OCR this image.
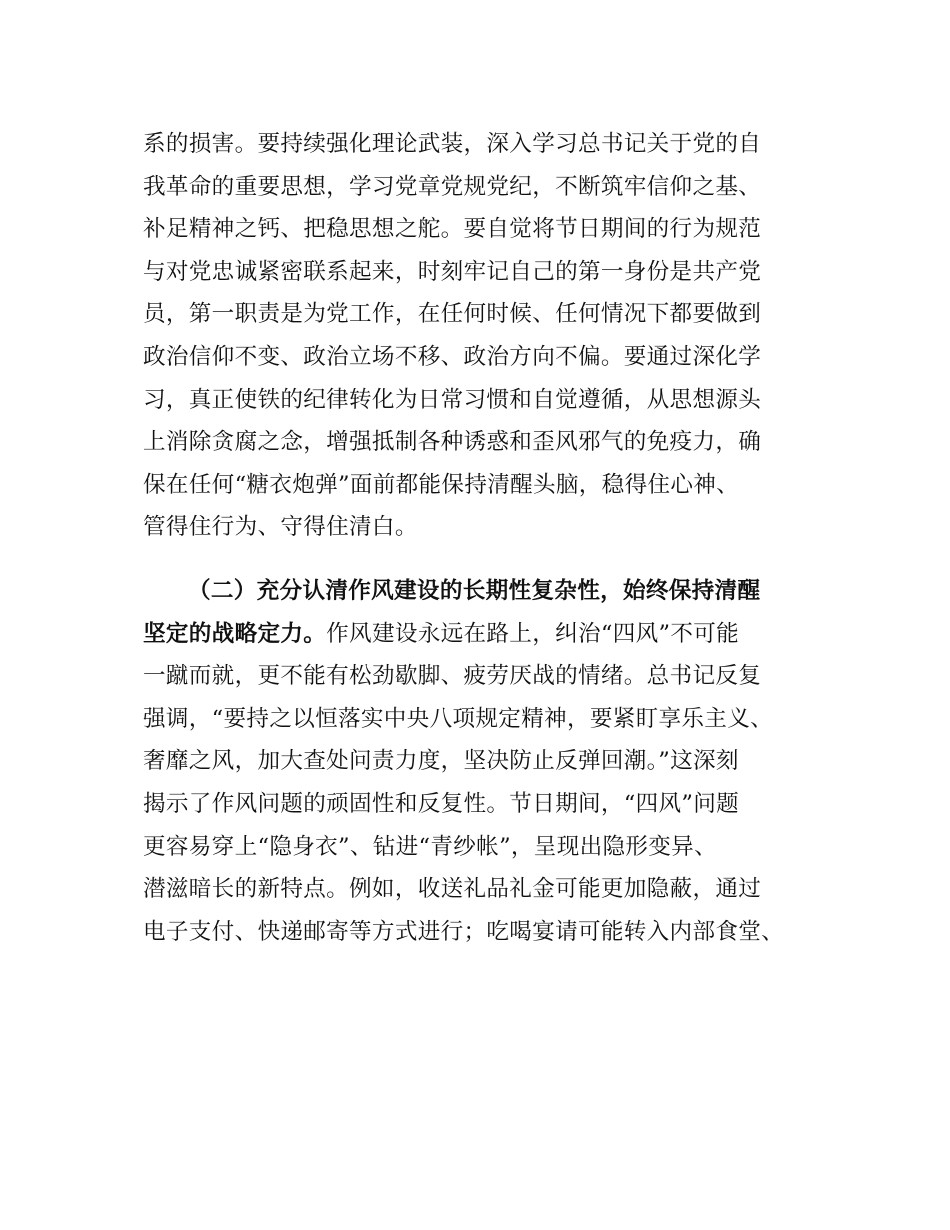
系的损害。要持续强化理论武装，深入学习总书记关于党的自
我革命的重要思想，学习党章党规党纪，不断筑牢信仰之基、
补足精神之钙、把稳思想之舵。要自觉将节日期间的行为规范
与对党忠诚紧密联系起来，时刻牢记自己的第一身份是共产党
员，第一职责是为党工作，在任何时候、任何情况下都要做到
政治信仰不变、政治立场不移、政治方向不偏。要通过深化学
习，真正使铁的纪律转化为日常习惯和自觉遵循，从思想源头
上消除贪腐之念，增强抵制各种诱惑和歪风邪气的免疫力，确
保在任何“糖衣炮弹”面前都能保持清醒头脑，稳得住心神、
管得住行为、守得住清白。
（二）充分认清作风建设的长期性复杂性，始终保持清醒
坚定的战略定力。作风建设永远在路上，纠治“四风”不可能
一蹴而就，更不能有松劲歇脚、疲劳厌战的情绪。总书记反复
强调，“要持之以恒落实中央八项规定精神，要紧盯享乐主义、
奢靡之风，加大查处问责力度，坚决防止反弹回潮。”这深刻
揭示了作风问题的顽固性和反复性。节日期间，“四风”问题
更容易穿上“隐身衣”、钻进“青纱帐”，呈现出隐形变异、
潜滋暗长的新特点。例如，收送礼品礼金可能更加隐蔽，通过
电子支付、快递邮寄等方式进行；吃喝宴请可能转入内部食堂、
